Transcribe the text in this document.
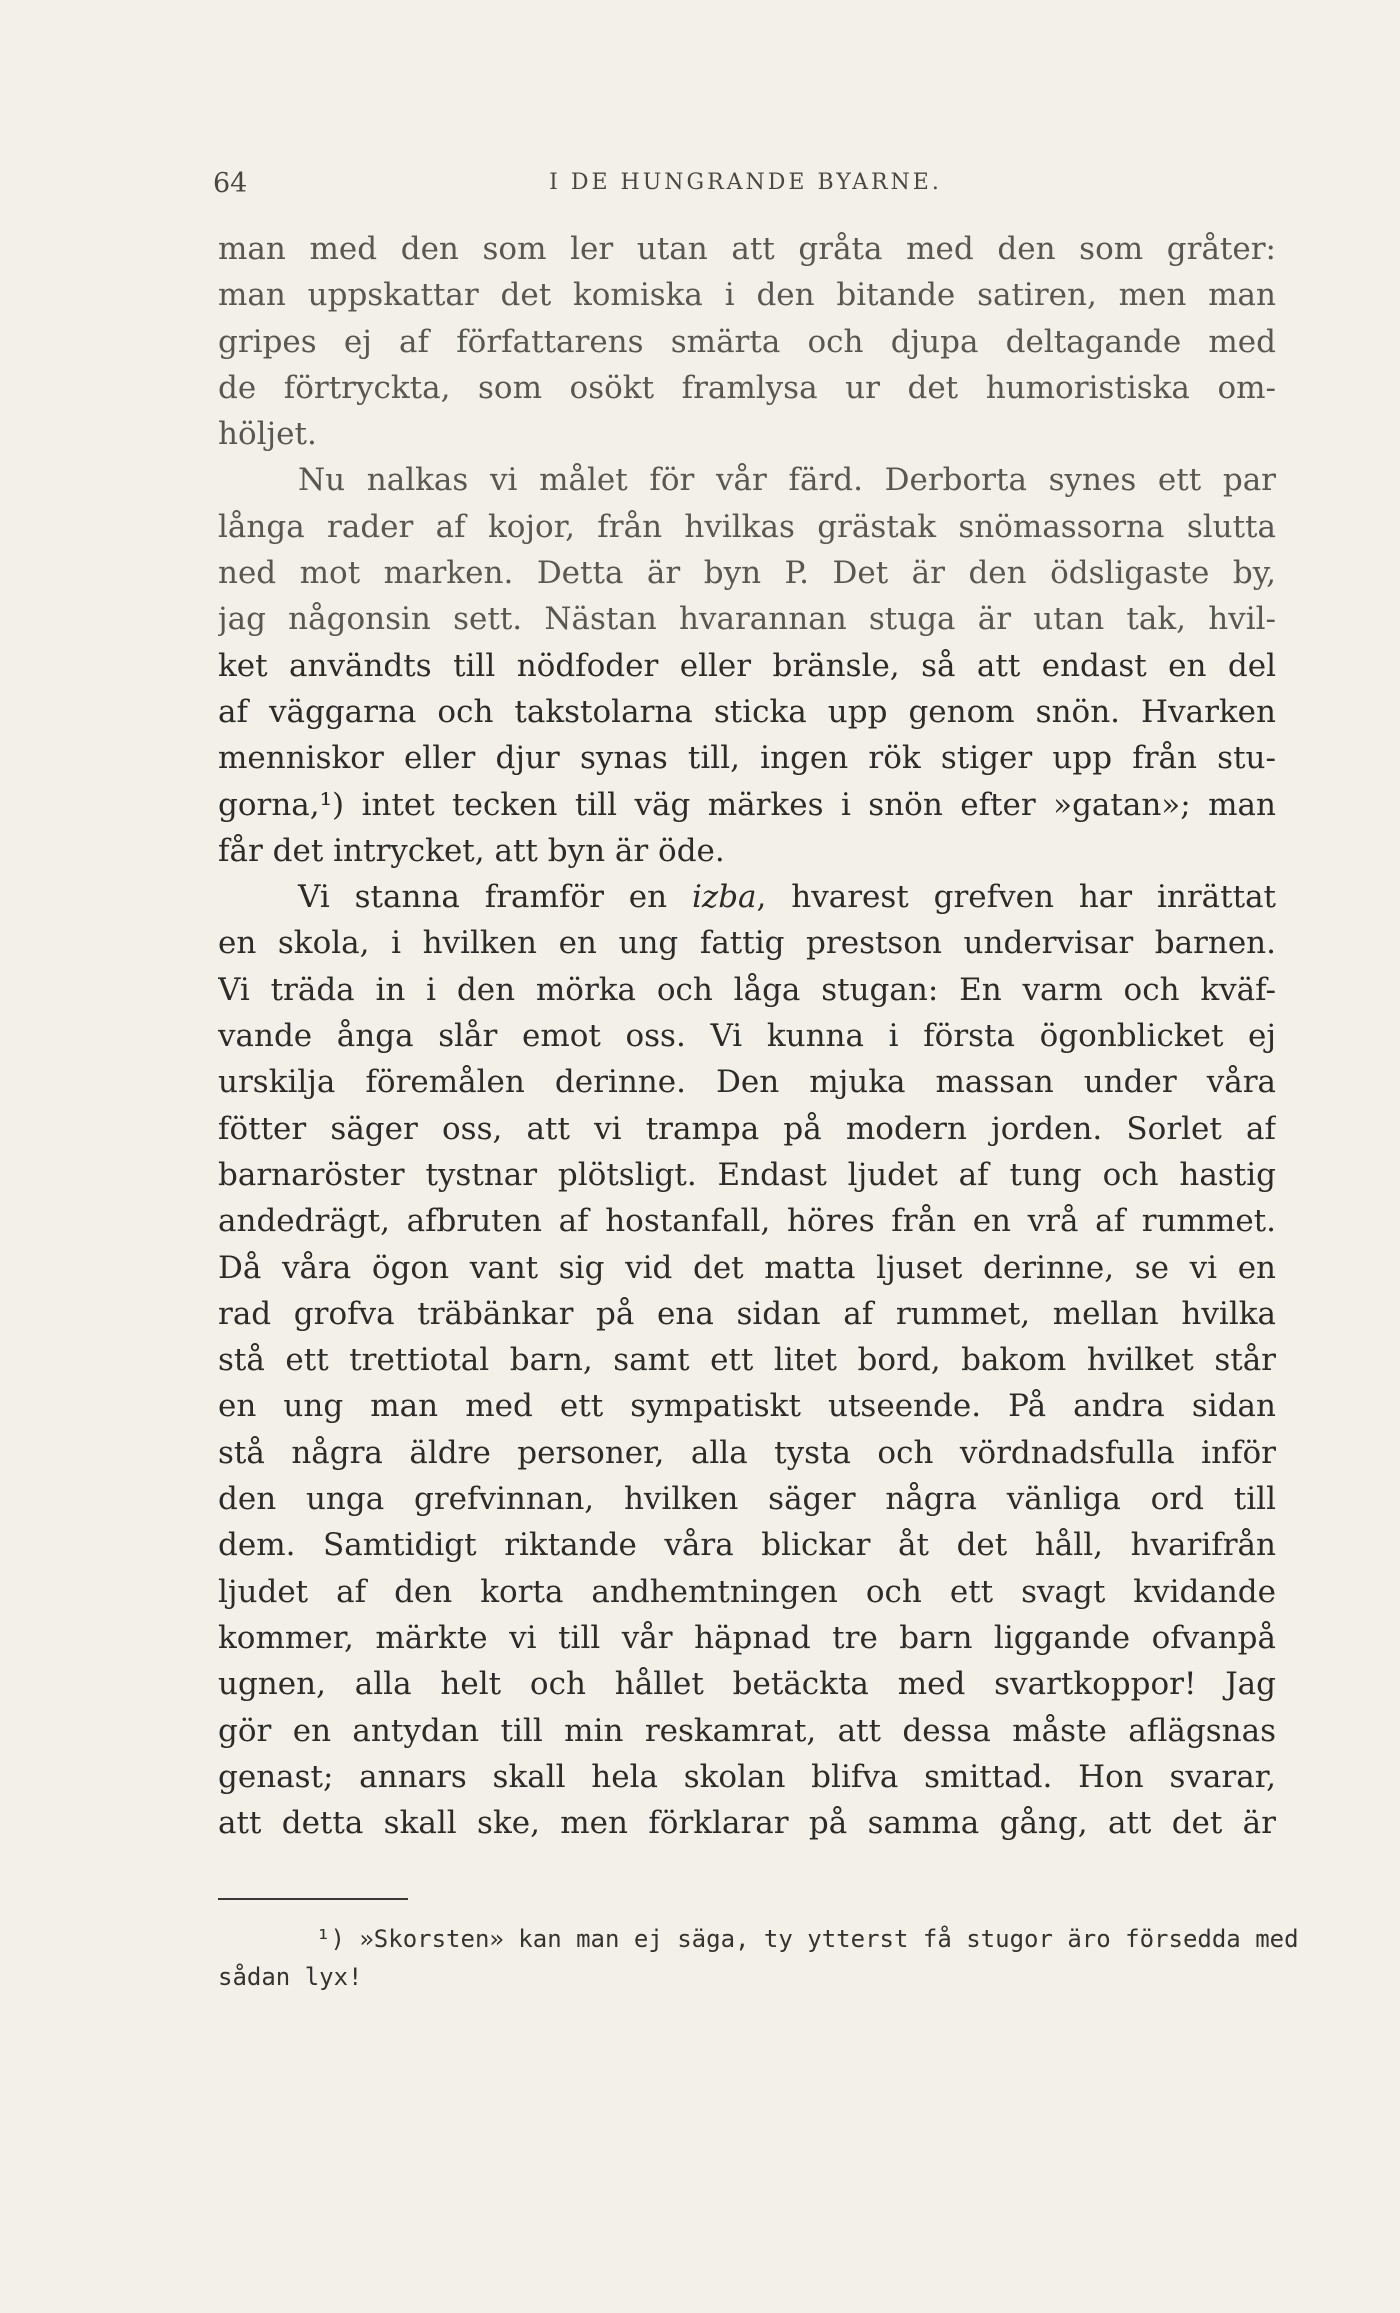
64	I DE HUNGRANDE BYARNE.
man med den som ler utan att gråta med den som gråter:
man uppskattar det komiska i den bitande satiren, men man
gripes ej af författarens smärta och djupa deltagande med
de förtryckta, som osökt framlysa ur det humoristiska om-
höljet.
Nu nalkas vi målet för vår färd. Derborta synes ett par
långa rader af kojor, från hvilkas grästak snömassorna slutta
ned mot marken. Detta är byn P. Det är den ödsligaste by,
jag någonsin sett. Nästan hvarannan stuga är utan tak, hvil-
ket användts till nödfoder eller bränsle, så att endast en del
af väggarna och takstolarna sticka upp genom snön. Hvarken
menniskor eller djur synas till, ingen rök stiger upp från stu-
gorna,¹) intet tecken till väg märkes i snön efter »gatan»; man
får det intrycket, att byn är öde.
Vi stanna framför en izba, hvarest grefven har inrättat
en skola, i hvilken en ung fattig prestson undervisar barnen.
Vi träda in i den mörka och låga stugan: En varm och kväf-
vande ånga slår emot oss. Vi kunna i första ögonblicket ej
urskilja föremålen derinne. Den mjuka massan under våra
fötter säger oss, att vi trampa på modern jorden. Sorlet af
barnaröster tystnar plötsligt. Endast ljudet af tung och hastig
andedrägt, afbruten af hostanfall, höres från en vrå af rummet.
Då våra ögon vant sig vid det matta ljuset derinne, se vi en
rad grofva träbänkar på ena sidan af rummet, mellan hvilka
stå ett trettiotal barn, samt ett litet bord, bakom hvilket står
en ung man med ett sympatiskt utseende. På andra sidan
stå några äldre personer, alla tysta och vördnadsfulla inför
den unga grefvinnan, hvilken säger några vänliga ord till
dem. Samtidigt riktande våra blickar åt det håll, hvarifrån
ljudet af den korta andhemtningen och ett svagt kvidande
kommer, märkte vi till vår häpnad tre barn liggande ofvanpå
ugnen, alla helt och hållet betäckta med svartkoppor! Jag
gör en antydan till min reskamrat, att dessa måste aflägsnas
genast; annars skall hela skolan blifva smittad. Hon svarar,
att detta skall ske, men förklarar på samma gång, att det är
¹) »Skorsten» kan man ej säga, ty ytterst få stugor äro försedda med
sådan lyx!
